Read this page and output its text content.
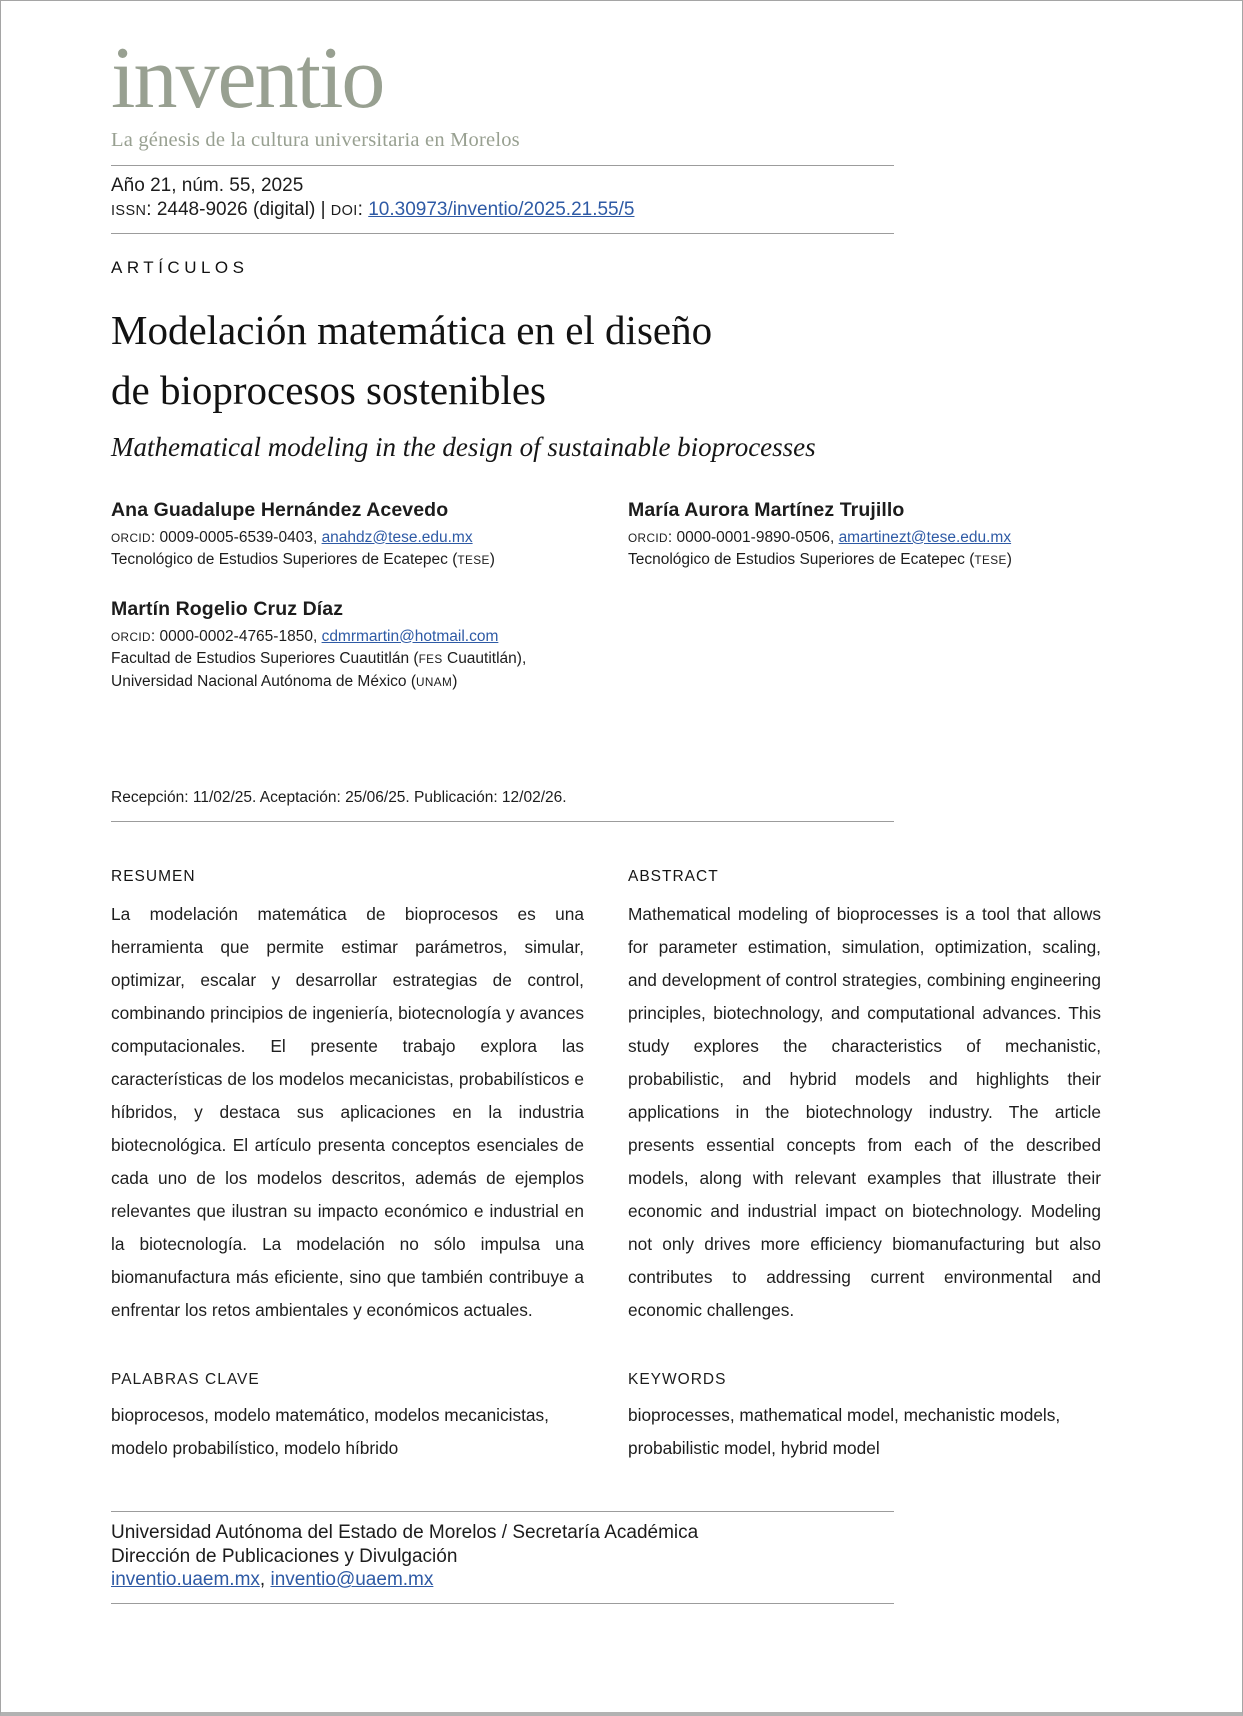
inventio
La génesis de la cultura universitaria en Morelos
Año 21, núm. 55, 2025
ISSN: 2448-9026 (digital) | DOI: 10.30973/inventio/2025.21.55/5
ARTÍCULOS
Modelación matemática en el diseño
de bioprocesos sostenibles
Mathematical modeling in the design of sustainable bioprocesses
Ana Guadalupe Hernández Acevedo
ORCID: 0009-0005-6539-0403, anahdz@tese.edu.mx
Tecnológico de Estudios Superiores de Ecatepec (TESE)
María Aurora Martínez Trujillo
ORCID: 0000-0001-9890-0506, amartinezt@tese.edu.mx
Tecnológico de Estudios Superiores de Ecatepec (TESE)
Martín Rogelio Cruz Díaz
ORCID: 0000-0002-4765-1850, cdmrmartin@hotmail.com
Facultad de Estudios Superiores Cuautitlán (FES Cuautitlán),
Universidad Nacional Autónoma de México (UNAM)
Recepción: 11/02/25. Aceptación: 25/06/25. Publicación: 12/02/26.
RESUMEN
La modelación matemática de bioprocesos es una herramienta que permite estimar parámetros, simular, optimizar, escalar y desarrollar estrategias de control, combinando principios de ingeniería, biotecnología y avances computacionales. El presente trabajo explora las características de los modelos mecanicistas, probabilísticos e híbridos, y destaca sus aplicaciones en la industria biotecnológica. El artículo presenta conceptos esenciales de cada uno de los modelos descritos, además de ejemplos relevantes que ilustran su impacto económico e industrial en la biotecnología. La modelación no sólo impulsa una biomanufactura más eficiente, sino que también contribuye a enfrentar los retos ambientales y económicos actuales.
PALABRAS CLAVE
bioprocesos, modelo matemático, modelos mecanicistas,
modelo probabilístico, modelo híbrido
ABSTRACT
Mathematical modeling of bioprocesses is a tool that allows for parameter estimation, simulation, optimization, scaling, and development of control strategies, combining engineering principles, biotechnology, and computational advances. This study explores the characteristics of mechanistic, probabilistic, and hybrid models and highlights their applications in the biotechnology industry. The article presents essential concepts from each of the described models, along with relevant examples that illustrate their economic and industrial impact on biotechnology. Modeling not only drives more efficiency biomanufacturing but also contributes to addressing current environmental and economic challenges.
KEYWORDS
bioprocesses, mathematical model, mechanistic models,
probabilistic model, hybrid model
Universidad Autónoma del Estado de Morelos / Secretaría Académica
Dirección de Publicaciones y Divulgación
inventio.uaem.mx, inventio@uaem.mx
